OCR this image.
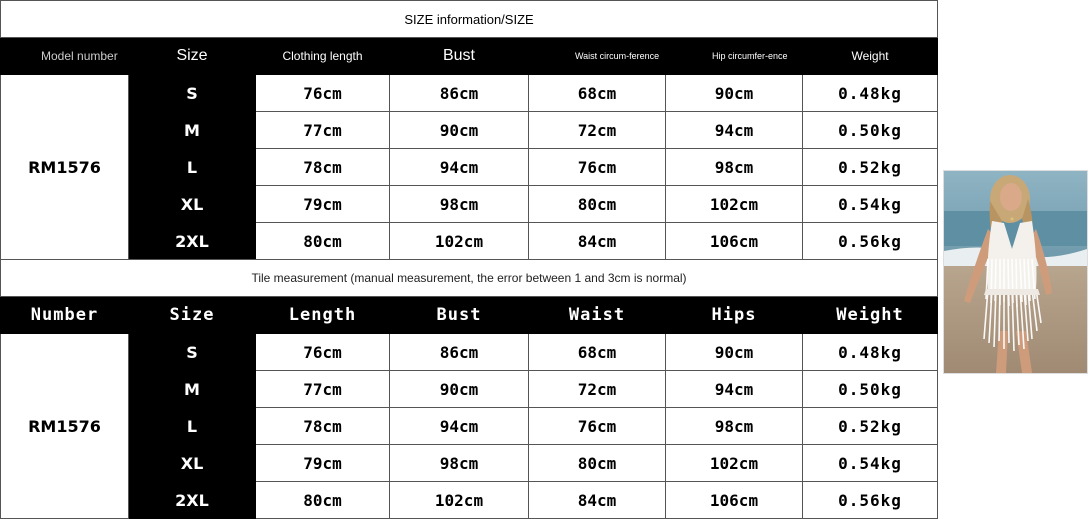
SIZE information/SIZE						
Model number	Size	Clothing length	Bust	Waist circum-ference	Hip circumfer-ence	Weight
RM1576	S	76cm	86cm	68cm	90cm	0.48kg
	M	77cm	90cm	72cm	94cm	0.50kg
	L	78cm	94cm	76cm	98cm	0.52kg
	XL	79cm	98cm	80cm	102cm	0.54kg
	2XL	80cm	102cm	84cm	106cm	0.56kg
Tile measurement (manual measurement, the error between 1 and 3cm is normal)						
Number	Size	Length	Bust	Waist	Hips	Weight
RM1576	S	76cm	86cm	68cm	90cm	0.48kg
	M	77cm	90cm	72cm	94cm	0.50kg
	L	78cm	94cm	76cm	98cm	0.52kg
	XL	79cm	98cm	80cm	102cm	0.54kg
	2XL	80cm	102cm	84cm	106cm	0.56kg
